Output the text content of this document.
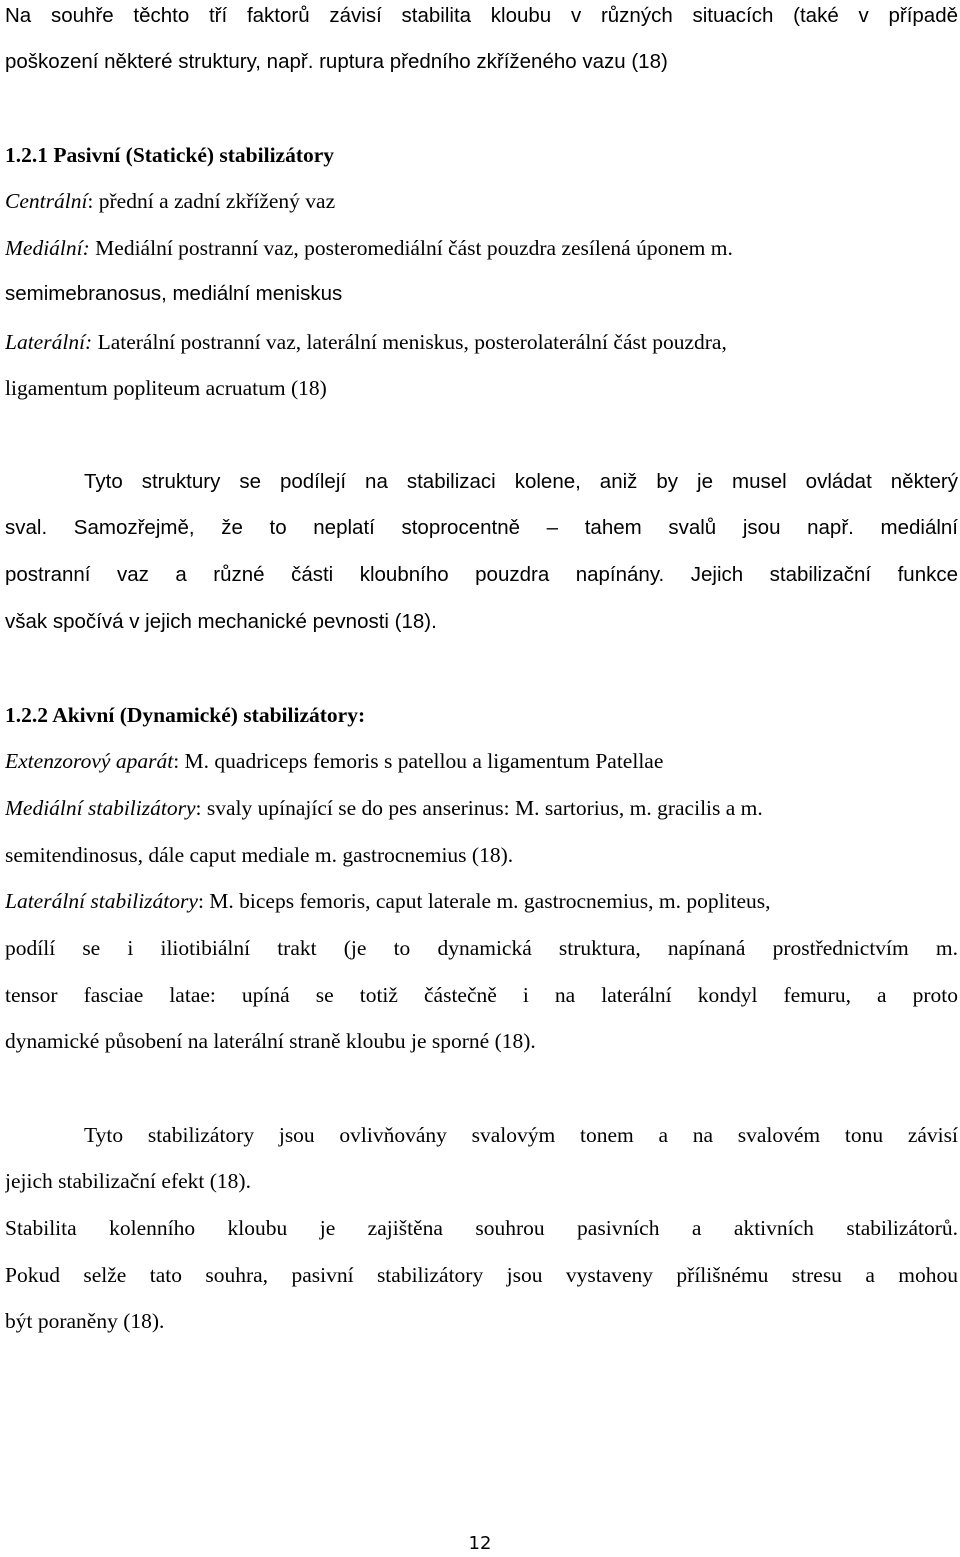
Na souhře těchto tří faktorů závisí stabilita kloubu v různých situacích (také v případě

poškození některé struktury, např. ruptura předního zkříženého vazu (18)

1.2.1 Pasivní (Statické) stabilizátory

Centrální: přední a zadní zkřížený vaz

Mediální: Mediální postranní vaz, posteromediální část pouzdra zesílená úponem m.

semimebranosus, mediální meniskus

Laterální: Laterální postranní vaz, laterální meniskus, posterolaterální část pouzdra,

ligamentum popliteum acruatum (18)

Tyto struktury se podílejí na stabilizaci kolene, aniž by je musel ovládat některý

sval. Samozřejmě, že to neplatí stoprocentně – tahem svalů jsou např. mediální

postranní vaz a různé části kloubního pouzdra napínány. Jejich stabilizační funkce

však spočívá v jejich mechanické pevnosti (18).

1.2.2 Akivní (Dynamické) stabilizátory:

Extenzorový aparát: M. quadriceps femoris s patellou a ligamentum Patellae

Mediální stabilizátory: svaly upínající se do pes anserinus: M. sartorius, m. gracilis a m.

semitendinosus, dále caput mediale m. gastrocnemius (18).

Laterální stabilizátory: M. biceps femoris, caput laterale m. gastrocnemius, m. popliteus,

podílí se i iliotibiální trakt (je to dynamická struktura, napínaná prostřednictvím m.

tensor fasciae latae: upíná se totiž částečně i na laterální kondyl femuru, a proto

dynamické působení na laterální straně kloubu je sporné (18).

Tyto stabilizátory jsou ovlivňovány svalovým tonem a na svalovém tonu závisí

jejich stabilizační efekt (18).

Stabilita kolenního kloubu je zajištěna souhrou pasivních a aktivních stabilizátorů.

Pokud selže tato souhra, pasivní stabilizátory jsou vystaveny přílišnému stresu a mohou

být poraněny (18).

12
